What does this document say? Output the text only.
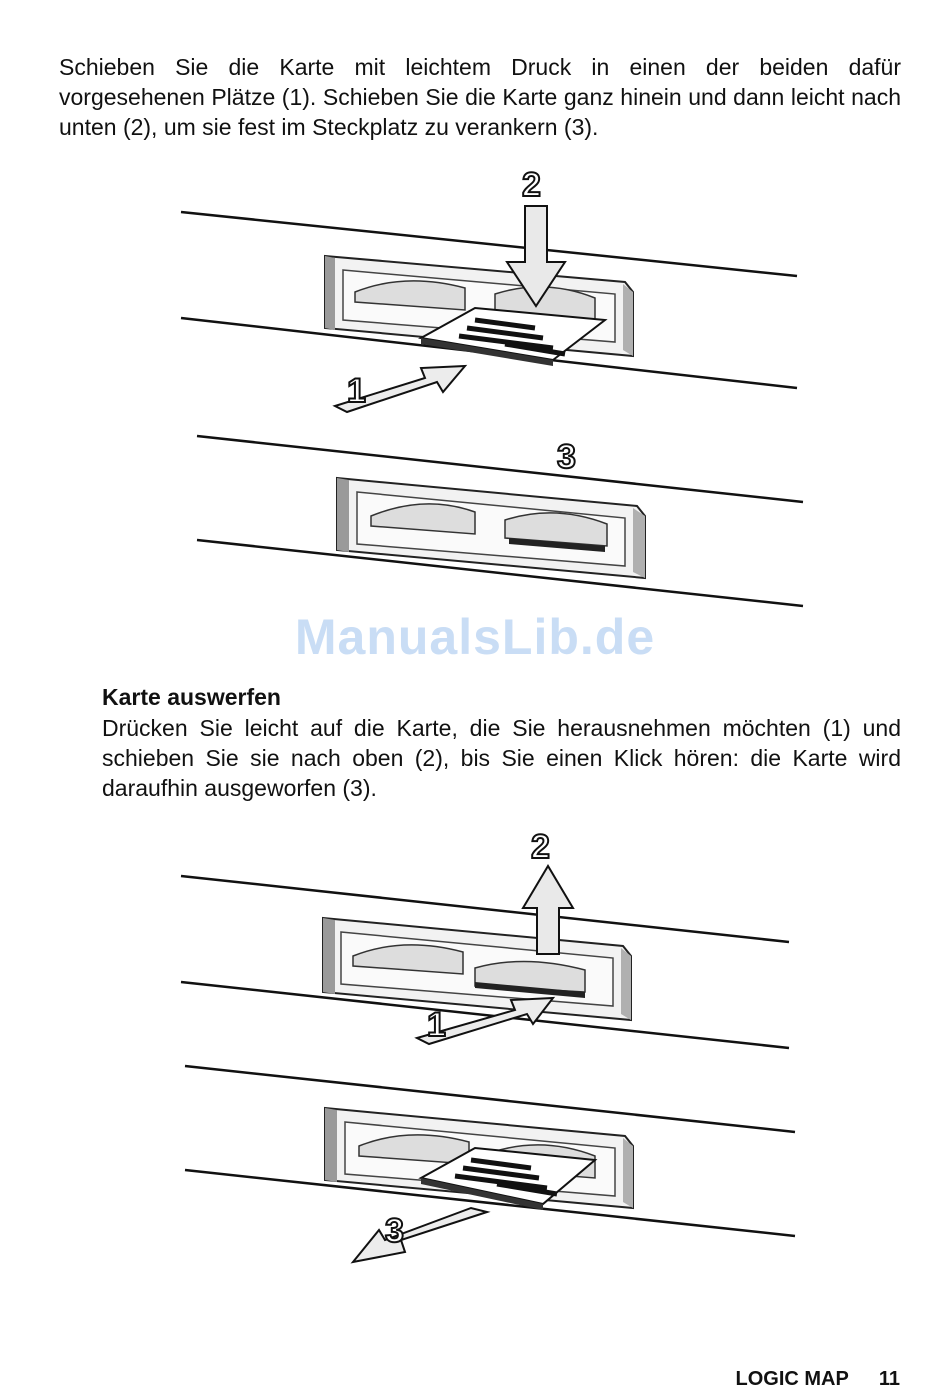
Schieben Sie die Karte mit leichtem Druck in einen der beiden dafür vorgesehenen Plätze (1). Schieben Sie die Karte ganz hinein und dann leicht nach unten (2), um sie fest im Steckplatz zu verankern (3).

2
1
3
ManualsLib.de
Karte auswerfen

Drücken Sie leicht auf die Karte, die Sie herausnehmen möchten (1) und schieben Sie sie nach oben (2), bis Sie einen Klick hören: die Karte wird daraufhin ausgeworfen (3).

2
1
3
LOGIC MAP 11
